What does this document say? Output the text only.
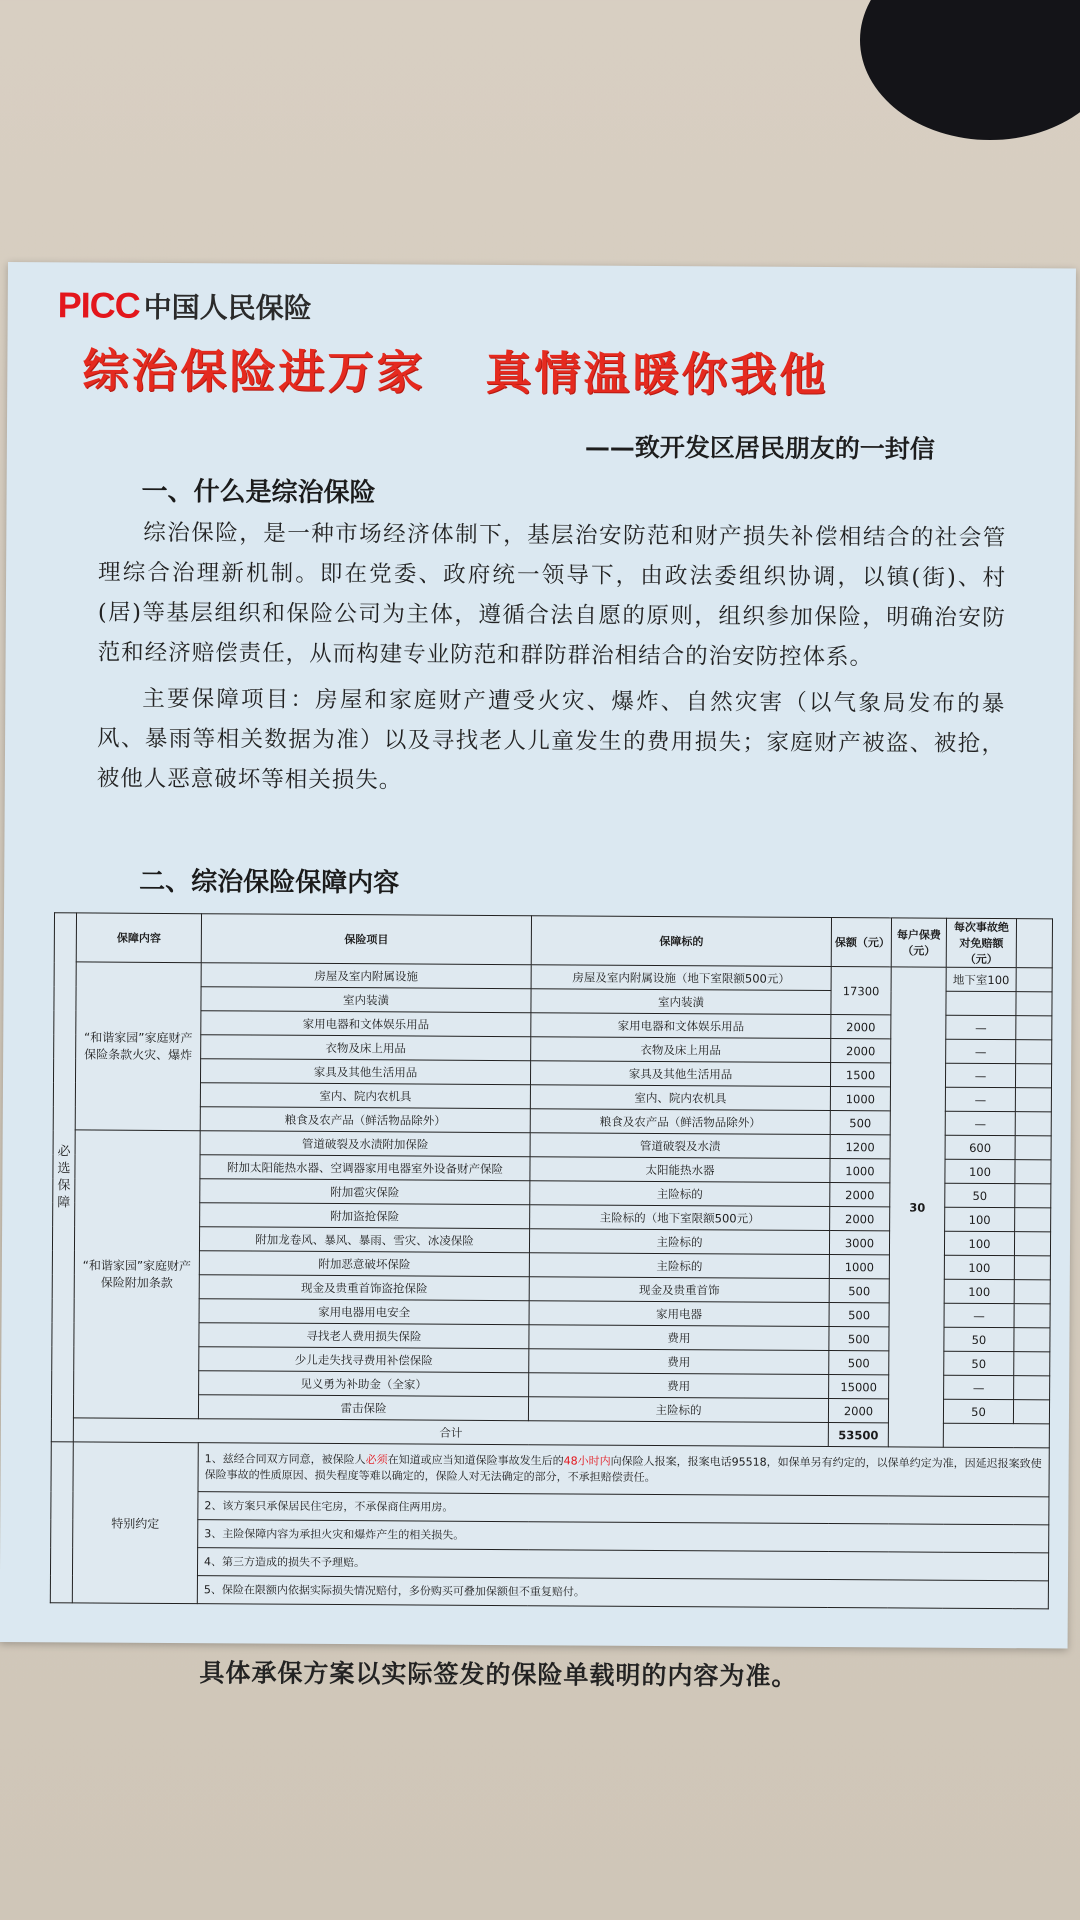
PICC 中国人民保险
综治保险进万家 真情温暖你我他
——致开发区居民朋友的一封信
一、什么是综治保险

综治保险，是一种市场经济体制下，基层治安防范和财产损失补偿相结合的社会管理综合治理新机制。即在党委、政府统一领导下，由政法委组织协调，以镇(街)、村(居)等基层组织和保险公司为主体，遵循合法自愿的原则，组织参加保险，明确治安防范和经济赔偿责任，从而构建专业防范和群防群治相结合的治安防控体系。

主要保障项目：房屋和家庭财产遭受火灾、爆炸、自然灾害（以气象局发布的暴风、暴雨等相关数据为准）以及寻找老人儿童发生的费用损失；家庭财产被盗、被抢，被他人恶意破坏等相关损失。

二、综治保险保障内容
必选保障	保障内容	保险项目	保障标的	保额（元）	每户保费（元）	每次事故绝对免赔额（元）	
	“和谐家园”家庭财产保险条款火灾、爆炸	房屋及室内附属设施	房屋及室内附属设施（地下室限额500元）	17300	30	地下室100	
		室内装潢	室内装潢				
		家用电器和文体娱乐用品	家用电器和文体娱乐用品	2000		—	
		衣物及床上用品	衣物及床上用品	2000		—	
		家具及其他生活用品	家具及其他生活用品	1500		—	
		室内、院内农机具	室内、院内农机具	1000		—	
		粮食及农产品（鲜活物品除外）	粮食及农产品（鲜活物品除外）	500		—	
	“和谐家园”家庭财产保险附加条款	管道破裂及水渍附加保险	管道破裂及水渍	1200		600	
		附加太阳能热水器、空调器家用电器室外设备财产保险	太阳能热水器	1000		100	
		附加雹灾保险	主险标的	2000		50	
		附加盗抢保险	主险标的（地下室限额500元）	2000		100	
		附加龙卷风、暴风、暴雨、雪灾、冰凌保险	主险标的	3000		100	
		附加恶意破坏保险	主险标的	1000		100	
		现金及贵重首饰盗抢保险	现金及贵重首饰	500		100	
		家用电器用电安全	家用电器	500		—	
		寻找老人费用损失保险	费用	500		50	
		少儿走失找寻费用补偿保险	费用	500		50	
		见义勇为补助金（全家）	费用	15000		—	
		雷击保险	主险标的	2000		50	
	合计			53500			
	特别约定	1、兹经合同双方同意，被保险人必须在知道或应当知道保险事故发生后的48小时内向保险人报案，报案电话95518，如保单另有约定的，以保单约定为准，因延迟报案致使保险事故的性质原因、损失程度等难以确定的，保险人对无法确定的部分，不承担赔偿责任。					
		2、该方案只承保居民住宅房，不承保商住两用房。					
		3、主险保障内容为承担火灾和爆炸产生的相关损失。					
		4、第三方造成的损失不予理赔。					
		5、保险在限额内依据实际损失情况赔付，多份购买可叠加保额但不重复赔付。					
具体承保方案以实际签发的保险单载明的内容为准。
